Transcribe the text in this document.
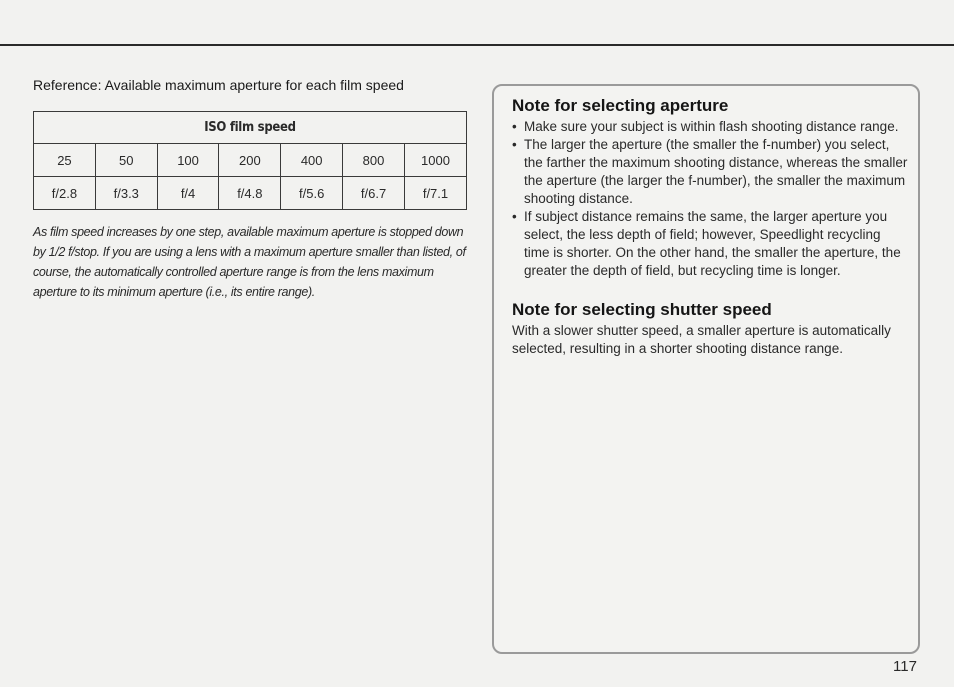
Reference: Available maximum aperture for each film speed
ISO film speed						
25	50	100	200	400	800	1000
f/2.8	f/3.3	f/4	f/4.8	f/5.6	f/6.7	f/7.1

As film speed increases by one step, available maximum aperture is stopped down by 1/2 f/stop. If you are using a lens with a maximum aperture smaller than listed, of course, the automatically controlled aperture range is from the lens maximum aperture to its minimum aperture (i.e., its entire range).

Note for selecting aperture
• Make sure your subject is within flash shooting distance range.
• The larger the aperture (the smaller the f-number) you select, the farther the maximum shooting distance, whereas the smaller the aperture (the larger the f-number), the smaller the maximum shooting distance.
• If subject distance remains the same, the larger aperture you select, the less depth of field; however, Speedlight recycling time is shorter. On the other hand, the smaller the aperture, the greater the depth of field, but recycling time is longer.
Note for selecting shutter speed

With a slower shutter speed, a smaller aperture is automatically selected, resulting in a shorter shooting distance range.

117
